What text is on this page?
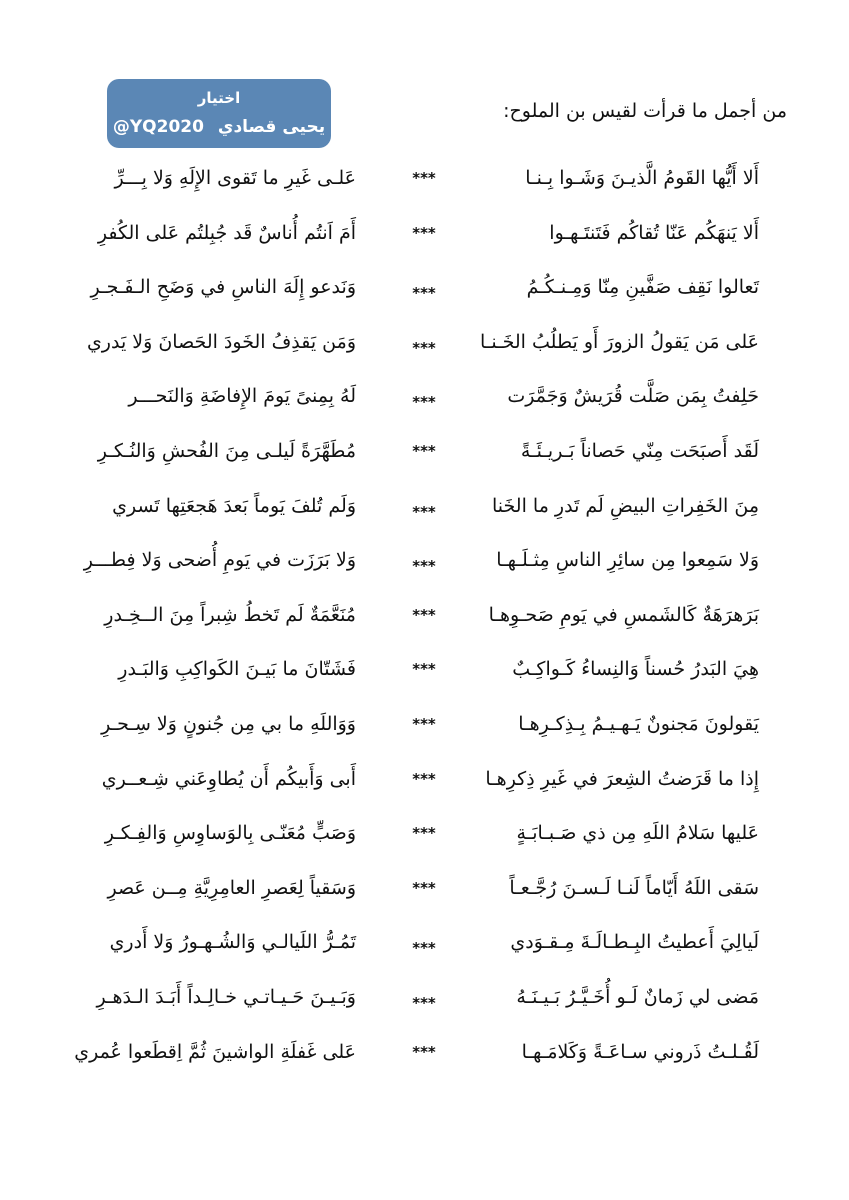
من أجمل ما قرأت لقيس بن الملوح:
اختيار
@YQ2020 يحيى قصادي
أَلا أَيُّها القَومُ الَّذيـنَ وَشَـوا بِـنـا
***
عَلـى غَيرِ ما تَقوى الإِلَهِ وَلا بِـــرِّ
أَلا يَنهَكُم عَنّا تُقاكُم فَتَنتَـهـوا
***
أَمَ اَنتُم أُناسٌ قَد جُبِلتُم عَلى الكُفرِ
تَعالوا نَقِف صَفَّينِ مِنّا وَمِـنـكُـمُ
***
وَنَدعو إِلَهَ الناسِ في وَضَحِ الـفَـجـرِ
عَلى مَن يَقولُ الزورَ أَو يَطلُبُ الخَـنـا
***
وَمَن يَقذِفُ الخَودَ الحَصانَ وَلا يَدري
حَلِفتُ بِمَن صَلَّت قُرَيشٌ وَجَمَّرَت
***
لَهُ بِمِنىً يَومَ الإِفاضَةِ وَالنَحـــر
لَقَد أَصبَحَت مِنّي حَصاناً بَـريـئَـةً
***
مُطَهَّرَةً لَيلـى مِنَ الفُحشِ وَالنُـكـرِ
مِنَ الخَفِراتِ البيضِ لَم تَدرِ ما الخَنا
***
وَلَم تُلفَ يَوماً بَعدَ هَجعَتِها تَسري
وَلا سَمِعوا مِن سائِرِ الناسِ مِثـلَـهـا
***
وَلا بَرَزَت في يَومِ أُضحى وَلا فِطـــرِ
بَرَهرَهَةٌ كَالشَمسِ في يَومِ صَحـوِهـا
***
مُنَعَّمَةٌ لَم تَخطُ شِبراً مِنَ الــخِـدرِ
هِيَ البَدرُ حُسناً وَالنِساءُ كَـواكِـبٌ
***
فَشَتّانَ ما بَيـنَ الكَواكِبِ وَالبَـدرِ
يَقولونَ مَجنونٌ يَـهـيـمُ بِـذِكـرِهـا
***
وَوَاللَهِ ما بي مِن جُنونٍ وَلا سِـحـرِ
إِذا ما قَرَضتُ الشِعرَ في غَيرِ ذِكرِهـا
***
أَبى وَأَبيكُم أَن يُطاوِعَني شِـعــري
عَليها سَلامُ اللَهِ مِن ذي صَـبـابَـةٍ
***
وَصَبٍّ مُعَنّـى بِالوَساوِسِ وَالفِـكـرِ
سَقى اللَهُ أَيّاماً لَنـا لَـسـنَ رُجَّـعـاً
***
وَسَقياً لِعَصرِ العامِرِيَّةِ مِــن عَصرِ
لَيالِيَ أَعطيتُ البِـطـالَـةَ مِـقـوَدي
***
تَمُـرُّ اللَيالـي وَالشُـهـورُ وَلا أَدري
مَضى لي زَمانٌ لَـو أُخَـيَّـرُ بَـيـنَـهُ
***
وَبَـيـنَ حَـيـاتـي خـالِـداً أَبَـدَ الـدَهـرِ
لَقُـلـتُ ذَروني سـاعَـةً وَكَلامَـهـا
***
عَلى غَفلَةِ الواشينَ ثُمَّ اِقطَعوا عُمري
